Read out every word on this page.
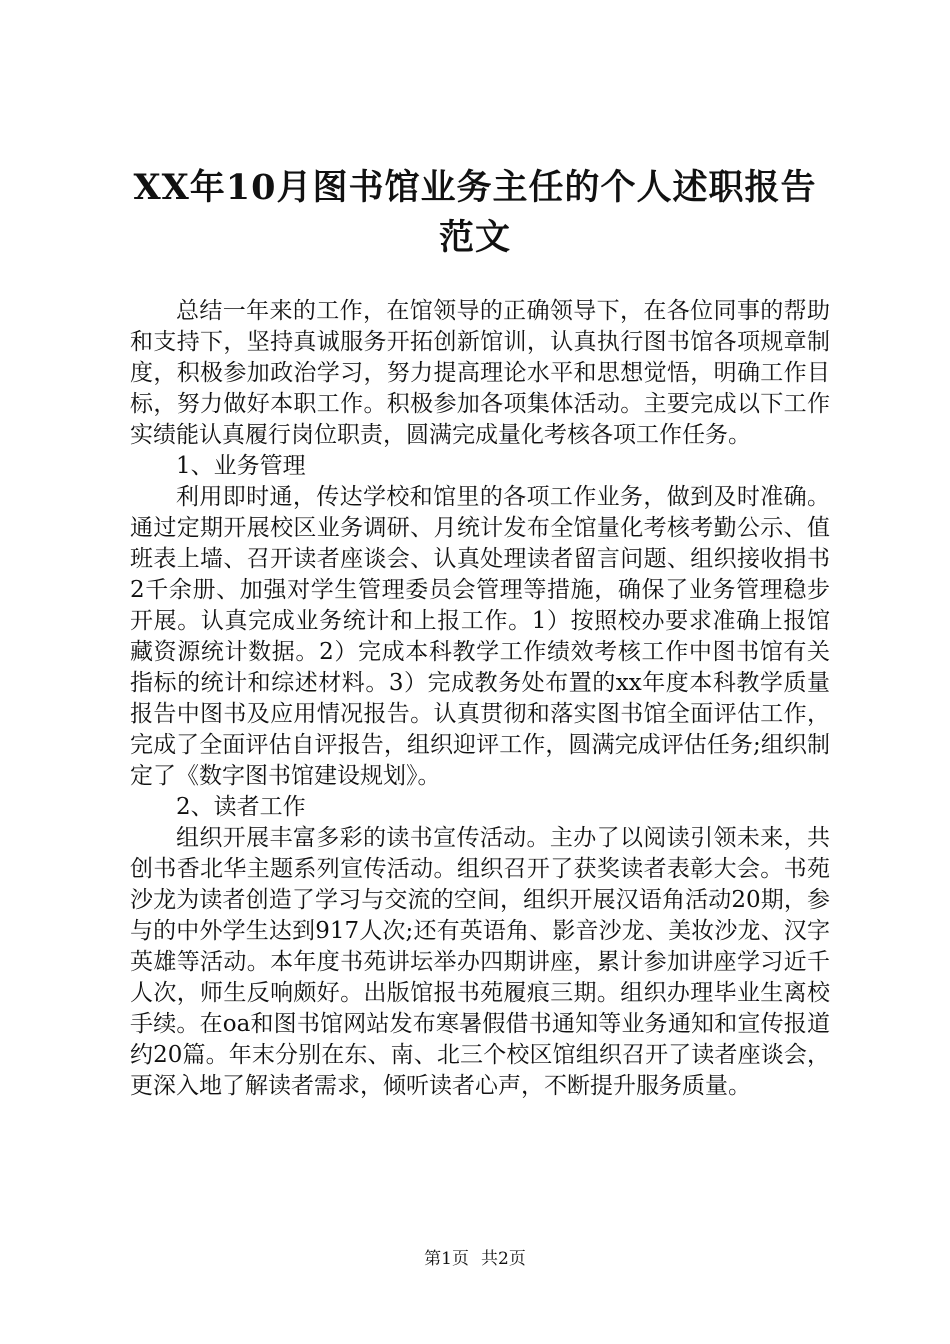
XX年10月图书馆业务主任的个人述职报告范文

总结一年来的工作，在馆领导的正确领导下，在各位同事的帮助和支持下，坚持真诚服务开拓创新馆训，认真执行图书馆各项规章制度，积极参加政治学习，努力提高理论水平和思想觉悟，明确工作目标，努力做好本职工作。积极参加各项集体活动。主要完成以下工作实绩能认真履行岗位职责，圆满完成量化考核各项工作任务。

1、业务管理

利用即时通，传达学校和馆里的各项工作业务，做到及时准确。通过定期开展校区业务调研、月统计发布全馆量化考核考勤公示、值班表上墙、召开读者座谈会、认真处理读者留言问题、组织接收捐书2千余册、加强对学生管理委员会管理等措施，确保了业务管理稳步开展。认真完成业务统计和上报工作。1）按照校办要求准确上报馆藏资源统计数据。2）完成本科教学工作绩效考核工作中图书馆有关指标的统计和综述材料。3）完成教务处布置的xx年度本科教学质量报告中图书及应用情况报告。认真贯彻和落实图书馆全面评估工作，完成了全面评估自评报告，组织迎评工作，圆满完成评估任务;组织制定了《数字图书馆建设规划》。

2、读者工作

组织开展丰富多彩的读书宣传活动。主办了以阅读引领未来，共创书香北华主题系列宣传活动。组织召开了获奖读者表彰大会。书苑沙龙为读者创造了学习与交流的空间，组织开展汉语角活动20期，参与的中外学生达到917人次;还有英语角、影音沙龙、美妆沙龙、汉字英雄等活动。本年度书苑讲坛举办四期讲座，累计参加讲座学习近千人次，师生反响颇好。出版馆报书苑履痕三期。组织办理毕业生离校手续。在oa和图书馆网站发布寒暑假借书通知等业务通知和宣传报道约20篇。年末分别在东、南、北三个校区馆组织召开了读者座谈会，更深入地了解读者需求，倾听读者心声，不断提升服务质量。

第1页 共2页
